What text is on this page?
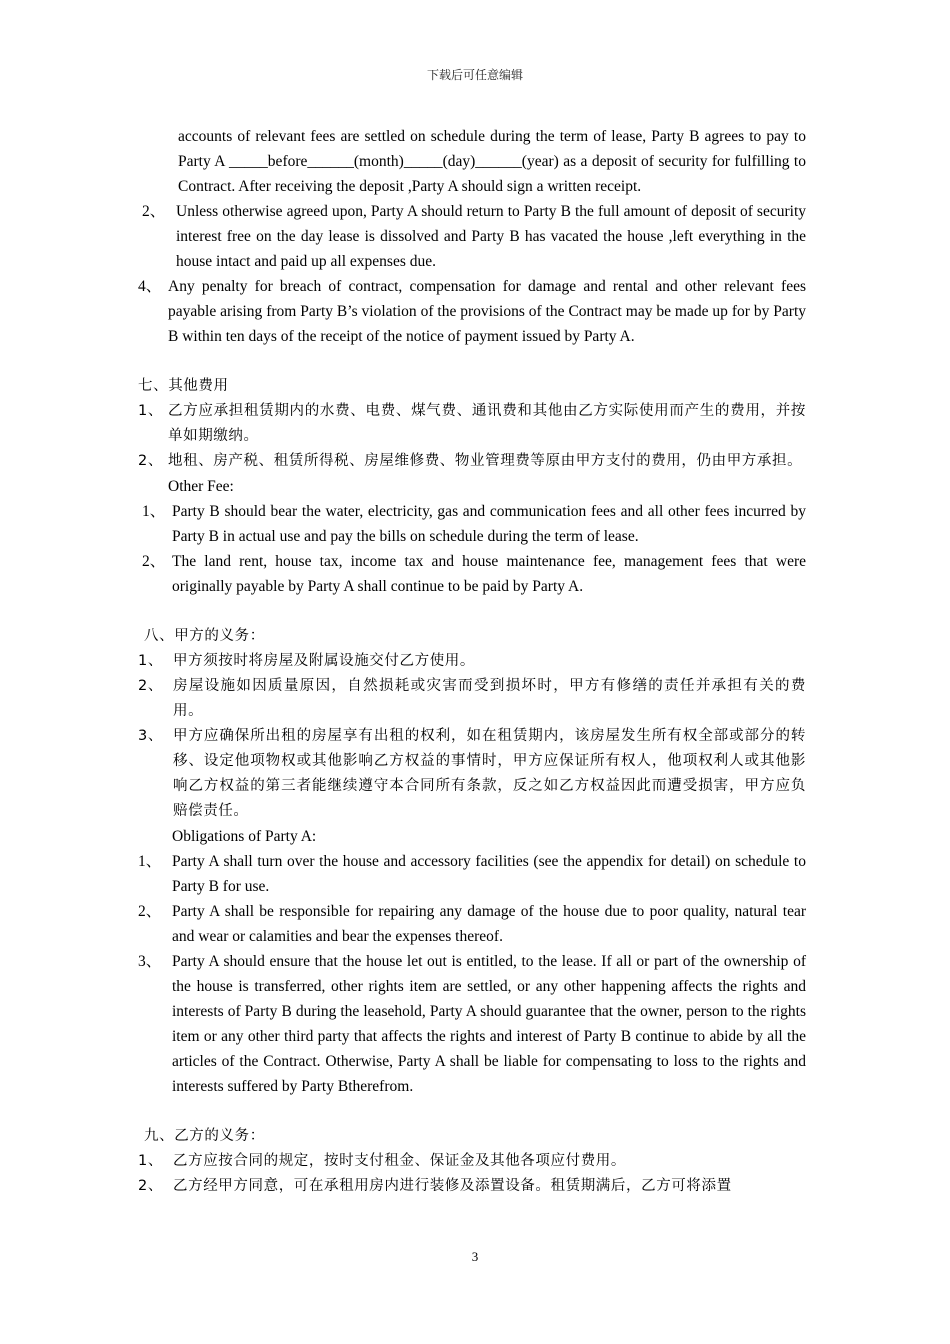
下载后可任意编辑
accounts of relevant fees are settled on schedule during the term of lease, Party B agrees to pay to Party A _____before______(month)_____(day)______(year) as a deposit of security for fulfilling to Contract. After receiving the deposit ,Party A should sign a written receipt.
2、 Unless otherwise agreed upon, Party A should return to Party B the full amount of deposit of security interest free on the day lease is dissolved and Party B has vacated the house ,left everything in the house intact and paid up all expenses due.
4、 Any penalty for breach of contract, compensation for damage and rental and other relevant fees payable arising from Party B’s violation of the provisions of the Contract may be made up for by Party B within ten days of the receipt of the notice of payment issued by Party A.
七、其他费用
1、 乙方应承担租赁期内的水费、电费、煤气费、通讯费和其他由乙方实际使用而产生的费用，并按单如期缴纳。
2、 地租、房产税、租赁所得税、房屋维修费、物业管理费等原由甲方支付的费用，仍由甲方承担。
Other Fee:
1、 Party B should bear the water, electricity, gas and communication fees and all other fees incurred by Party B in actual use and pay the bills on schedule during the term of lease.
2、 The land rent, house tax, income tax and house maintenance fee, management fees that were originally payable by Party A shall continue to be paid by Party A.
八、甲方的义务：
1、 甲方须按时将房屋及附属设施交付乙方使用。
2、 房屋设施如因质量原因，自然损耗或灾害而受到损坏时，甲方有修缮的责任并承担有关的费用。
3、 甲方应确保所出租的房屋享有出租的权利，如在租赁期内，该房屋发生所有权全部或部分的转移、设定他项物权或其他影响乙方权益的事情时，甲方应保证所有权人，他项权利人或其他影响乙方权益的第三者能继续遵守本合同所有条款，反之如乙方权益因此而遭受损害，甲方应负赔偿责任。
Obligations of Party A:
1、 Party A shall turn over the house and accessory facilities (see the appendix for detail) on schedule to Party B for use.
2、 Party A shall be responsible for repairing any damage of the house due to poor quality, natural tear and wear or calamities and bear the expenses thereof.
3、 Party A should ensure that the house let out is entitled, to the lease. If all or part of the ownership of the house is transferred, other rights item are settled, or any other happening affects the rights and interests of Party B during the leasehold, Party A should guarantee that the owner, person to the rights item or any other third party that affects the rights and interest of Party B continue to abide by all the articles of the Contract. Otherwise, Party A shall be liable for compensating to loss to the rights and interests suffered by Party Btherefrom.
九、乙方的义务：
1、 乙方应按合同的规定，按时支付租金、保证金及其他各项应付费用。
2、 乙方经甲方同意，可在承租用房内进行装修及添置设备。租赁期满后，乙方可将添置
3
